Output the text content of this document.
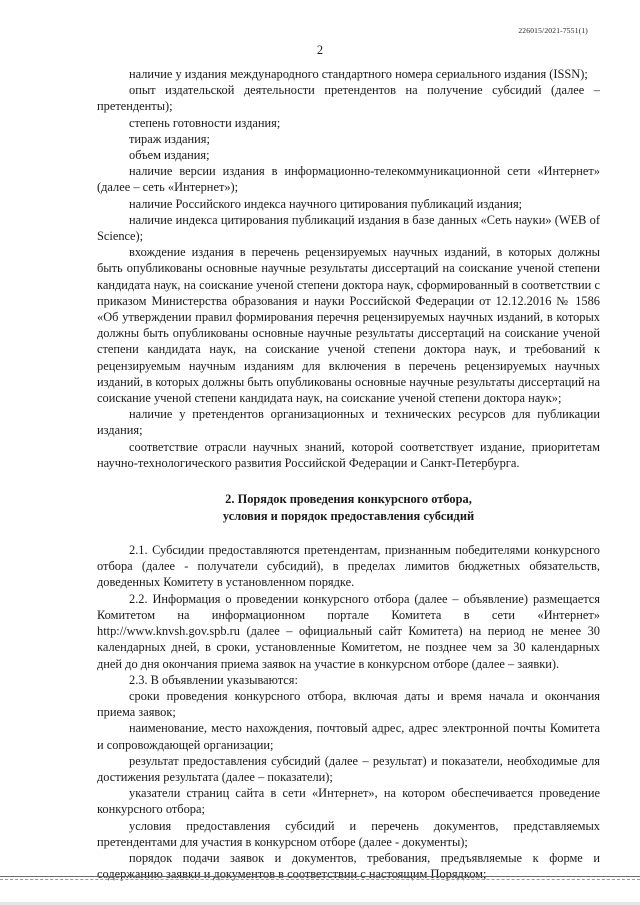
226015/2021-7551(1)
2

наличие у издания международного стандартного номера сериального издания (ISSN);

опыт издательской деятельности претендентов на получение субсидий (далее – претенденты);

степень готовности издания;

тираж издания;

объем издания;

наличие версии издания в информационно-телекоммуникационной сети «Интернет» (далее – сеть «Интернет»);

наличие Российского индекса научного цитирования публикаций издания;

наличие индекса цитирования публикаций издания в базе данных «Сеть науки» (WEB of Science);

вхождение издания в перечень рецензируемых научных изданий, в которых должны быть опубликованы основные научные результаты диссертаций на соискание ученой степени кандидата наук, на соискание ученой степени доктора наук, сформированный в соответствии с приказом Министерства образования и науки Российской Федерации от 12.12.2016 № 1586 «Об утверждении правил формирования перечня рецензируемых научных изданий, в которых должны быть опубликованы основные научные результаты диссертаций на соискание ученой степени кандидата наук, на соискание ученой степени доктора наук, и требований к рецензируемым научным изданиям для включения в перечень рецензируемых научных изданий, в которых должны быть опубликованы основные научные результаты диссертаций на соискание ученой степени кандидата наук, на соискание ученой степени доктора наук»;

наличие у претендентов организационных и технических ресурсов для публикации издания;

соответствие отрасли научных знаний, которой соответствует издание, приоритетам научно-технологического развития Российской Федерации и Санкт-Петербурга.

2. Порядок проведения конкурсного отбора,
условия и порядок предоставления субсидий

2.1. Субсидии предоставляются претендентам, признанным победителями конкурсного отбора (далее - получатели субсидий), в пределах лимитов бюджетных обязательств, доведенных Комитету в установленном порядке.

2.2. Информация о проведении конкурсного отбора (далее – объявление) размещается Комитетом на информационном портале Комитета в сети «Интернет» http://www.knvsh.gov.spb.ru (далее – официальный сайт Комитета) на период не менее 30 календарных дней, в сроки, установленные Комитетом, не позднее чем за 30 календарных дней до дня окончания приема заявок на участие в конкурсном отборе (далее – заявки).

2.3. В объявлении указываются:

сроки проведения конкурсного отбора, включая даты и время начала и окончания приема заявок;

наименование, место нахождения, почтовый адрес, адрес электронной почты Комитета и сопровождающей организации;

результат предоставления субсидий (далее – результат) и показатели, необходимые для достижения результата (далее – показатели);

указатели страниц сайта в сети «Интернет», на котором обеспечивается проведение конкурсного отбора;

условия предоставления субсидий и перечень документов, представляемых претендентами для участия в конкурсном отборе (далее - документы);

порядок подачи заявок и документов, требования, предъявляемые к форме и содержанию заявки и документов в соответствии с настоящим Порядком;
